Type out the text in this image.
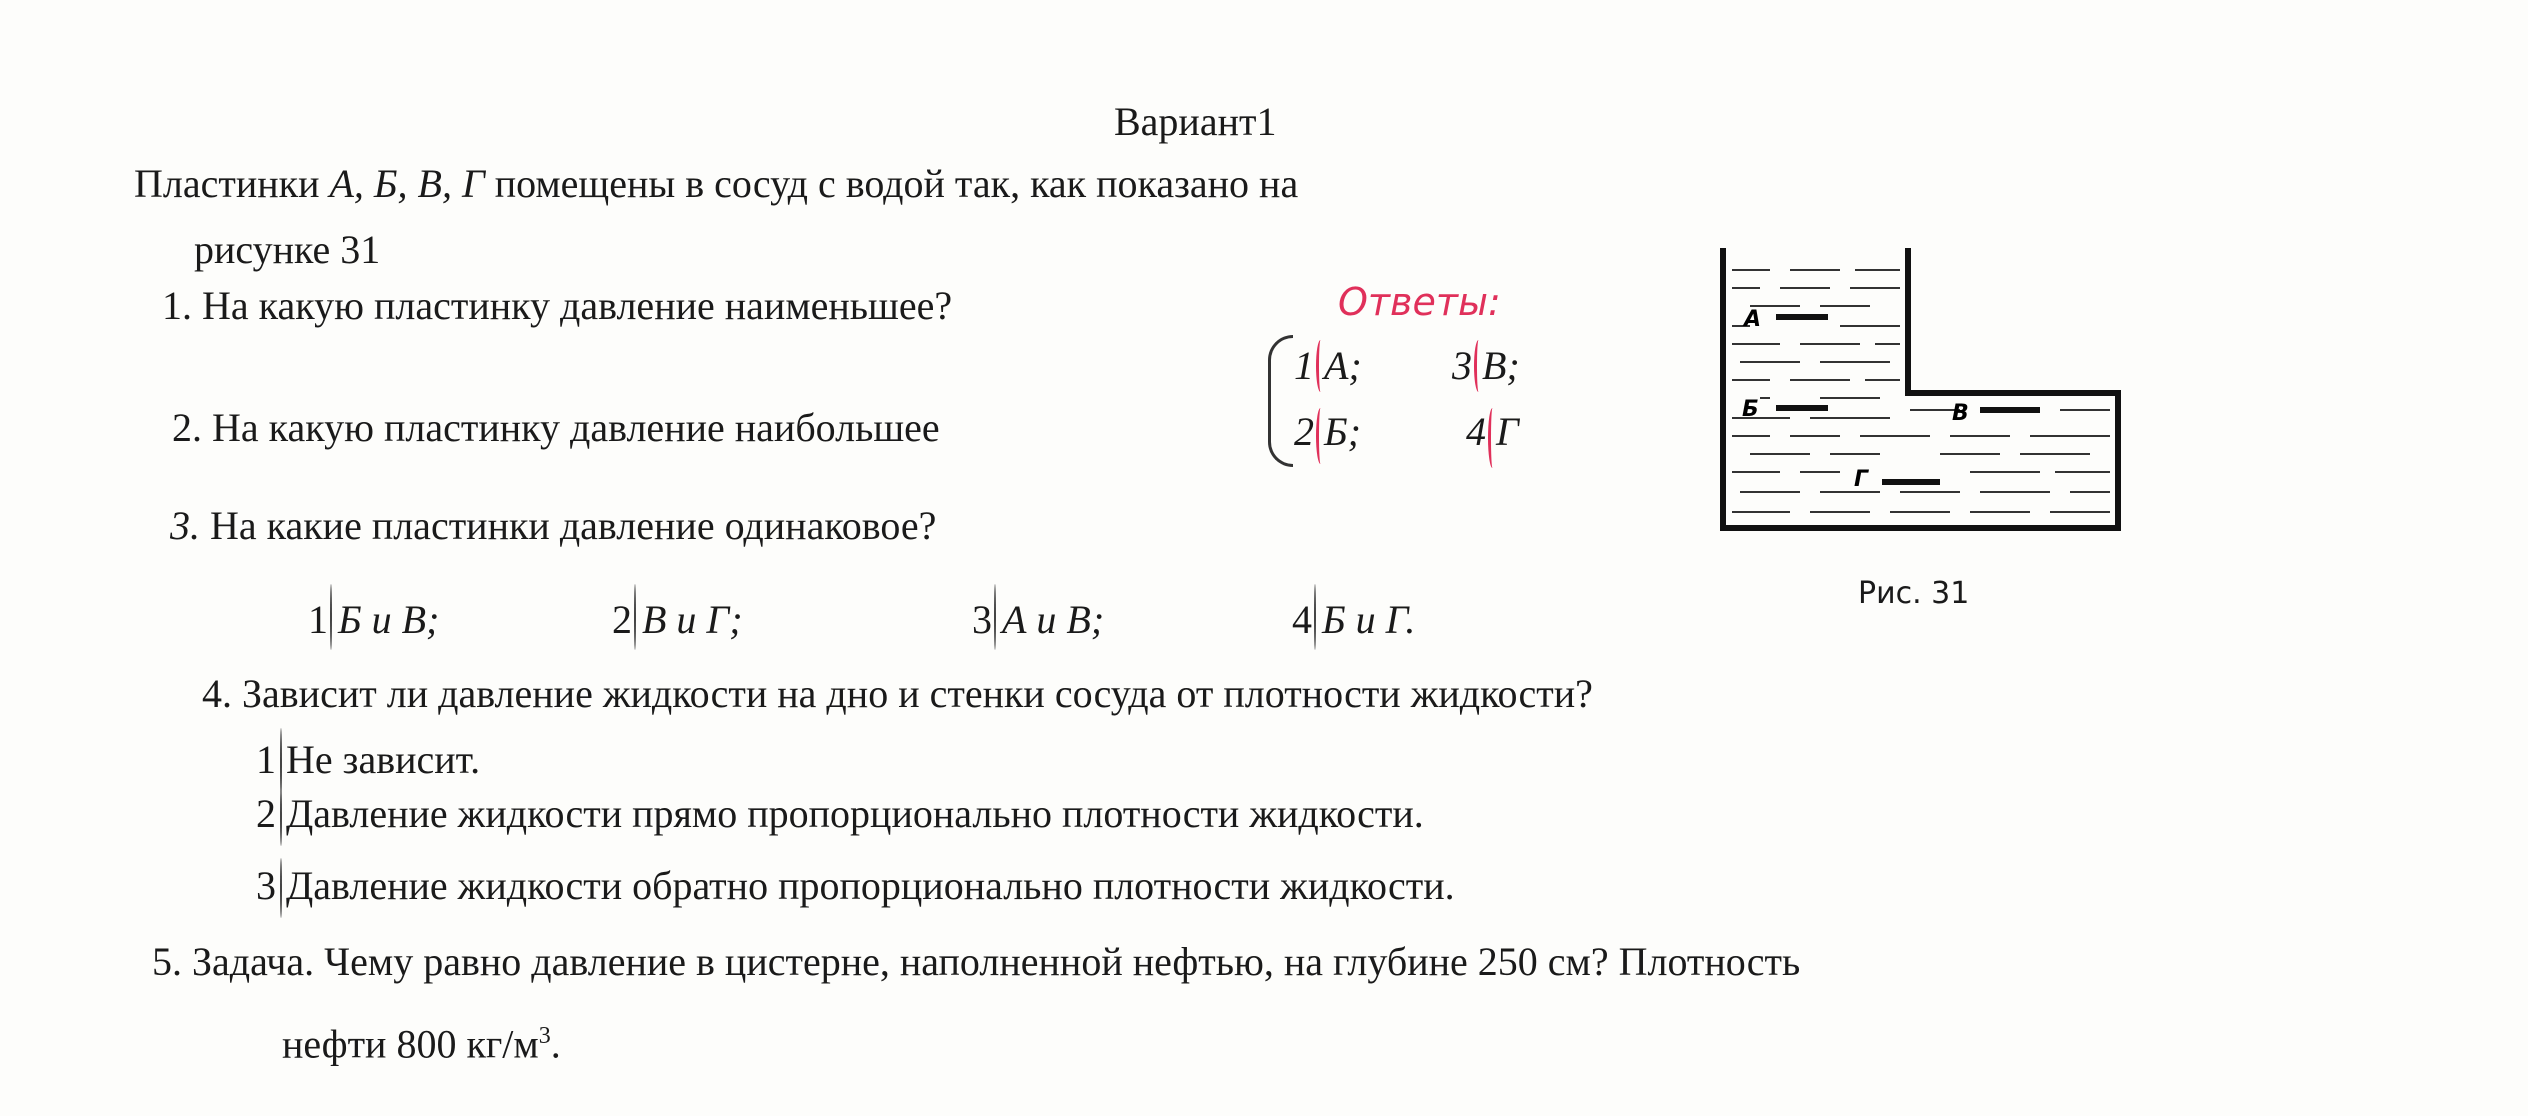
Вариант1
Пластинки А, Б, В, Г помещены в сосуд с водой так, как показано на
рисунке 31
1. На какую пластинку давление наименьшее?
2. На какую пластинку давление наибольшее
Ответы:
1 А; 3 В;
2 Б;	4 Г
3. На какие пластинки давление одинаковое?
1 Б и В;	2 В и Г;	3 А и В;	4 Б и Г.
4. Зависит ли давление жидкости на дно и стенки сосуда от плотности жидкости?
1 Не зависит.
2 Давление жидкости прямо пропорционально плотности жидкости.
3 Давление жидкости обратно пропорционально плотности жидкости.
5. Задача. Чему равно давление в цистерне, наполненной нефтью, на глубине 250 см? Плотность
нефти 800 $кг/м^3$.
А
Б	В
Г
Рис. 31
